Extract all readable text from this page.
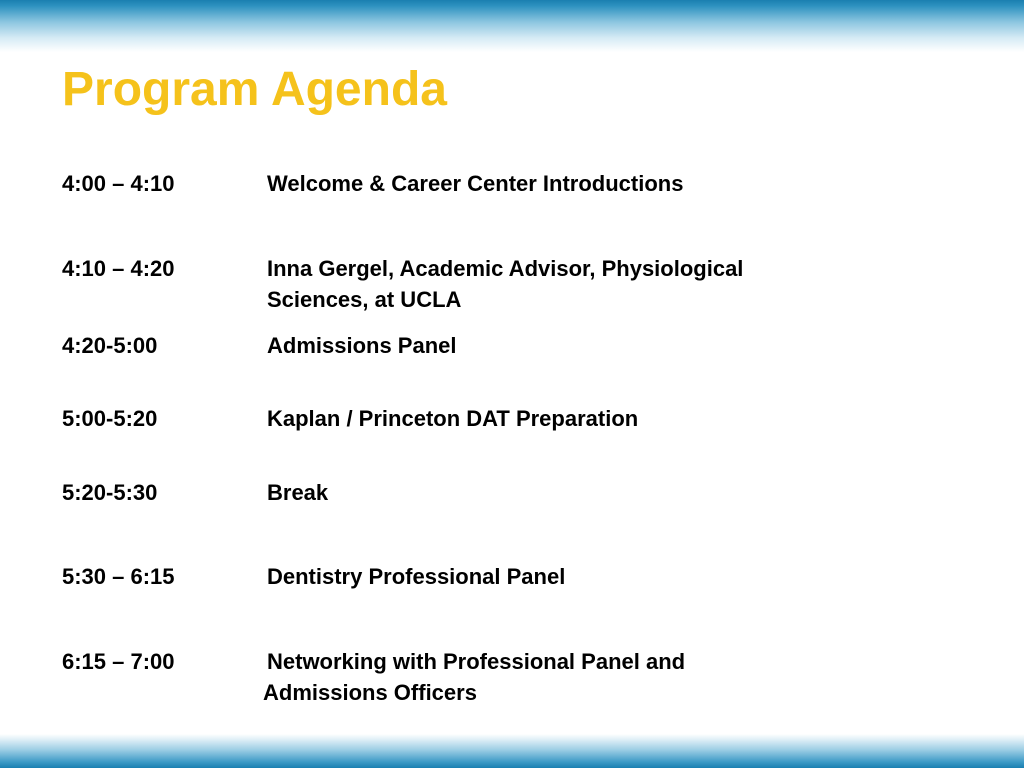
Program Agenda
4:00 – 4:10	Welcome & Career Center Introductions
4:10 – 4:20	Inna Gergel, Academic Advisor, Physiological
Sciences, at UCLA
4:20-5:00	Admissions Panel
5:00-5:20	Kaplan / Princeton DAT Preparation
5:20-5:30	Break
5:30 – 6:15	Dentistry Professional Panel
6:15 – 7:00	Networking with Professional Panel and
Admissions Officers
